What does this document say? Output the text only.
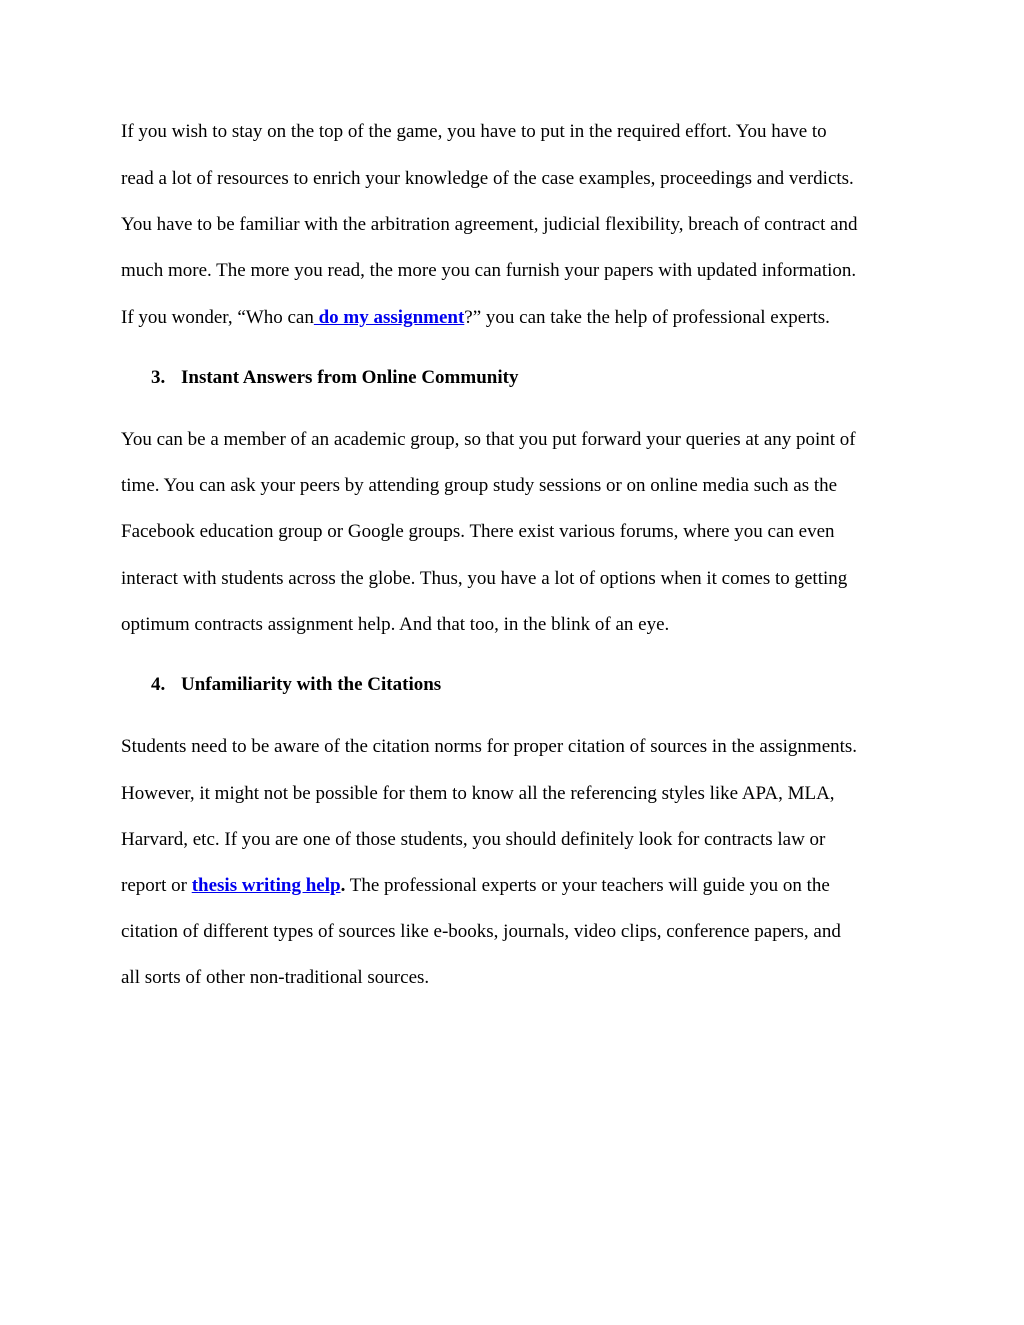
If you wish to stay on the top of the game, you have to put in the required effort. You have to
read a lot of resources to enrich your knowledge of the case examples, proceedings and verdicts.
You have to be familiar with the arbitration agreement, judicial flexibility, breach of contract and
much more. The more you read, the more you can furnish your papers with updated information.
If you wonder, “Who can do my assignment?” you can take the help of professional experts.
3. Instant Answers from Online Community
You can be a member of an academic group, so that you put forward your queries at any point of
time. You can ask your peers by attending group study sessions or on online media such as the
Facebook education group or Google groups. There exist various forums, where you can even
interact with students across the globe. Thus, you have a lot of options when it comes to getting
optimum contracts assignment help. And that too, in the blink of an eye.
4. Unfamiliarity with the Citations
Students need to be aware of the citation norms for proper citation of sources in the assignments.
However, it might not be possible for them to know all the referencing styles like APA, MLA,
Harvard, etc. If you are one of those students, you should definitely look for contracts law or
report or thesis writing help. The professional experts or your teachers will guide you on the
citation of different types of sources like e-books, journals, video clips, conference papers, and
all sorts of other non-traditional sources.
